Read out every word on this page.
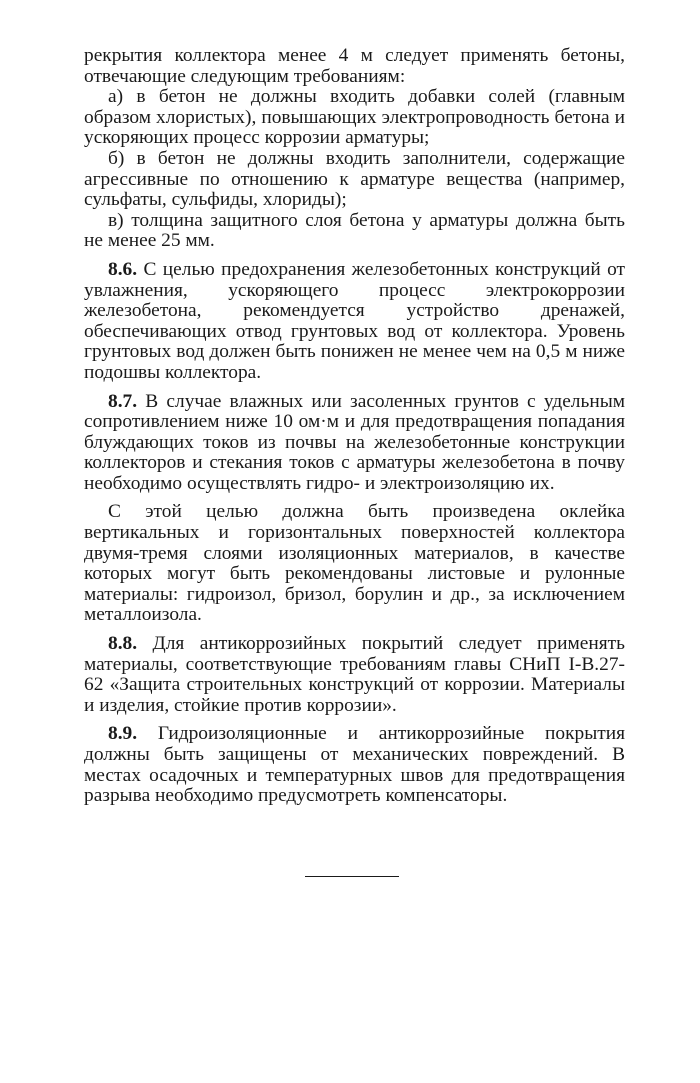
рекрытия коллектора менее 4 м следует применять бетоны, отвечающие следующим требованиям:

а) в бетон не должны входить добавки солей (главным образом хлористых), повышающих электропроводность бетона и ускоряющих процесс коррозии арматуры;

б) в бетон не должны входить заполнители, содержащие агрессивные по отношению к арматуре вещества (например, сульфаты, сульфиды, хлориды);

в) толщина защитного слоя бетона у арматуры должна быть не менее 25 мм.

8.6. С целью предохранения железобетонных конструкций от увлажнения, ускоряющего процесс электрокоррозии железобетона, рекомендуется устройство дренажей, обеспечивающих отвод грунтовых вод от коллектора. Уровень грунтовых вод должен быть понижен не менее чем на 0,5 м ниже подошвы коллектора.

8.7. В случае влажных или засоленных грунтов с удельным сопротивлением ниже 10 ом·м и для предотвращения попадания блуждающих токов из почвы на железобетонные конструкции коллекторов и стекания токов с арматуры железобетона в почву необходимо осуществлять гидро- и электроизоляцию их.

С этой целью должна быть произведена оклейка вертикальных и горизонтальных поверхностей коллектора двумя-тремя слоями изоляционных материалов, в качестве которых могут быть рекомендованы листовые и рулонные материалы: гидроизол, бризол, борулин и др., за исключением металлоизола.

8.8. Для антикоррозийных покрытий следует применять материалы, соответствующие требованиям главы СНиП I-В.27-62 «Защита строительных конструкций от коррозии. Материалы и изделия, стойкие против коррозии».

8.9. Гидроизоляционные и антикоррозийные покрытия должны быть защищены от механических повреждений. В местах осадочных и температурных швов для предотвращения разрыва необходимо предусмотреть компенсаторы.
